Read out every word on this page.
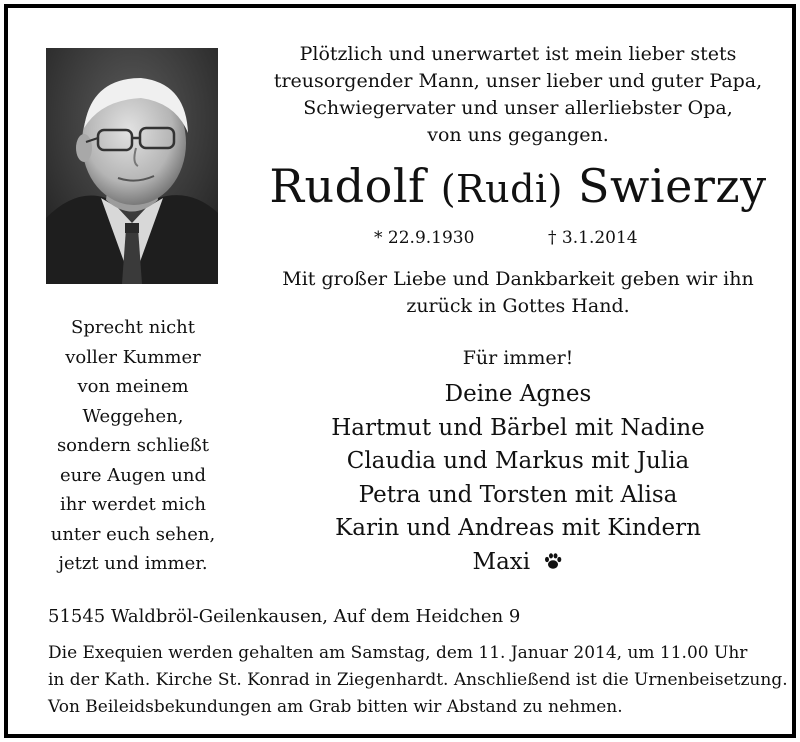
Sprecht nicht
voller Kummer
von meinem
Weggehen,
sondern schließt
eure Augen und
ihr werdet mich
unter euch sehen,
jetzt und immer.
Plötzlich und unerwartet ist mein lieber stets
treusorgender Mann, unser lieber und guter Papa,
Schwiegervater und unser allerliebster Opa,
von uns gegangen.
Rudolf (Rudi) Swierzy
* 22.9.1930	† 3.1.2014
Mit großer Liebe und Dankbarkeit geben wir ihn
zurück in Gottes Hand.
Für immer!
Deine Agnes
Hartmut und Bärbel mit Nadine
Claudia und Markus mit Julia
Petra und Torsten mit Alisa
Karin und Andreas mit Kindern
Maxi
51545 Waldbröl-Geilenkausen, Auf dem Heidchen 9
Die Exequien werden gehalten am Samstag, dem 11. Januar 2014, um 11.00 Uhr
in der Kath. Kirche St. Konrad in Ziegenhardt. Anschließend ist die Urnenbeisetzung.
Von Beileidsbekundungen am Grab bitten wir Abstand zu nehmen.
